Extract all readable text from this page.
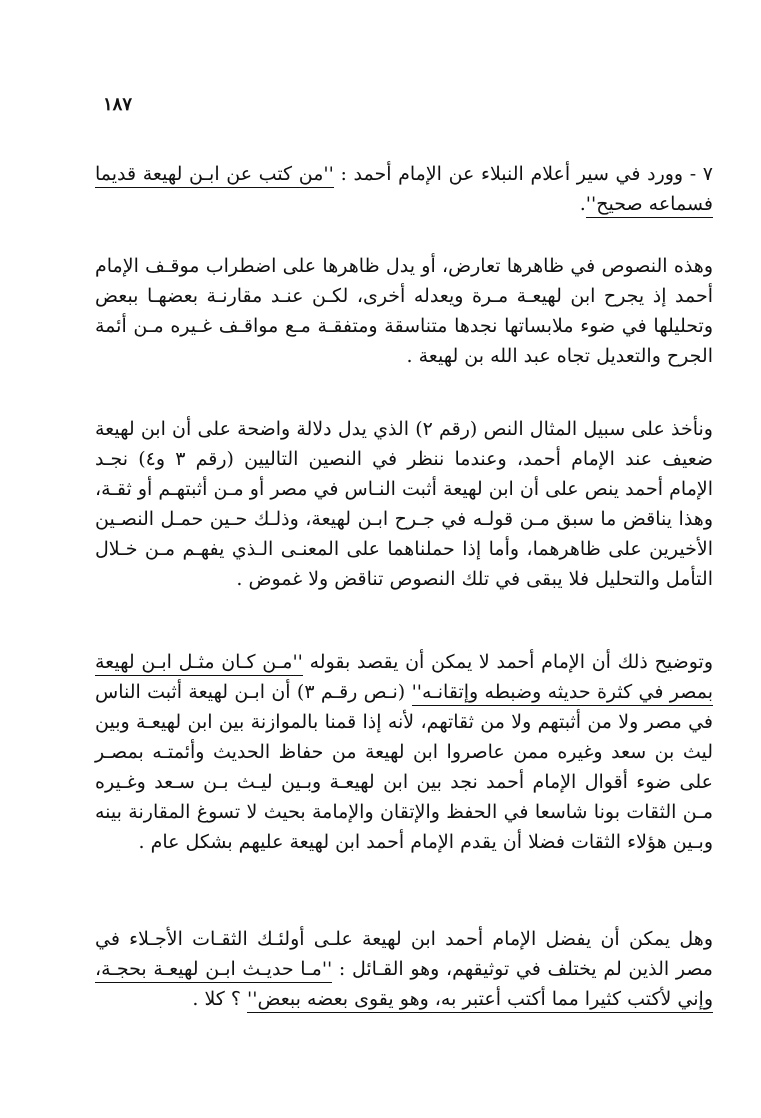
١٨٧

٧ - وورد في سير أعلام النبلاء عن الإمام أحمد : ''من كتب عن ابـن لهيعة قديما فسماعه صحيح''.

وهذه النصوص في ظاهرها تعارض، أو يدل ظاهرها على اضطراب موقـف الإمام أحمد إذ يجرح ابن لهيعـة مـرة ويعدله أخرى، لكـن عنـد مقارنـة بعضهـا ببعض وتحليلها في ضوء ملابساتها نجدها متناسقة ومتفقـة مـع مواقـف غـيره مـن أئمة الجرح والتعديل تجاه عبد الله بن لهيعة .

ونأخذ على سبيل المثال النص (رقم ٢) الذي يدل دلالة واضحة على أن ابن لهيعة ضعيف عند الإمام أحمد، وعندما ننظر في النصين التاليين (رقم ٣ و٤) نجـد الإمام أحمد ينص على أن ابن لهيعة أثبت النـاس في مصر أو مـن أثبتهـم أو ثقـة، وهذا يناقض ما سبق مـن قولـه في جـرح ابـن لهيعة، وذلـك حـين حمـل النصـين الأخيرين على ظاهرهما، وأما إذا حملناهما على المعنـى الـذي يفهـم مـن خـلال التأمل والتحليل فلا يبقى في تلك النصوص تناقض ولا غموض .

وتوضيح ذلك أن الإمام أحمد لا يمكن أن يقصد بقوله ''مـن كـان مثـل ابـن لهيعة بمصر في كثرة حديثه وضبطه وإتقانـه'' (نـص رقـم ٣) أن ابـن لهيعة أثبت الناس في مصر ولا من أثبتهم ولا من ثقاتهم، لأنه إذا قمنا بالموازنة بين ابن لهيعـة وبين ليث بن سعد وغيره ممن عاصروا ابن لهيعة من حفاظ الحديث وأئمتـه بمصـر على ضوء أقوال الإمام أحمد نجد بين ابن لهيعـة وبـين ليـث بـن سـعد وغـيره مـن الثقات بونا شاسعا في الحفظ والإتقان والإمامة بحيث لا تسوغ المقارنة بينه وبـين هؤلاء الثقات فضلا أن يقدم الإمام أحمد ابن لهيعة عليهم بشكل عام .

وهل يمكن أن يفضل الإمام أحمد ابن لهيعة علـى أولئـك الثقـات الأجـلاء في مصر الذين لم يختلف في توثيقهم، وهو القـائل : ''مـا حديـث ابـن لهيعـة بحجـة، وإني لأكتب كثيرا مما أكتب أعتبر به، وهو يقوى بعضه ببعض'' ؟ كلا .
